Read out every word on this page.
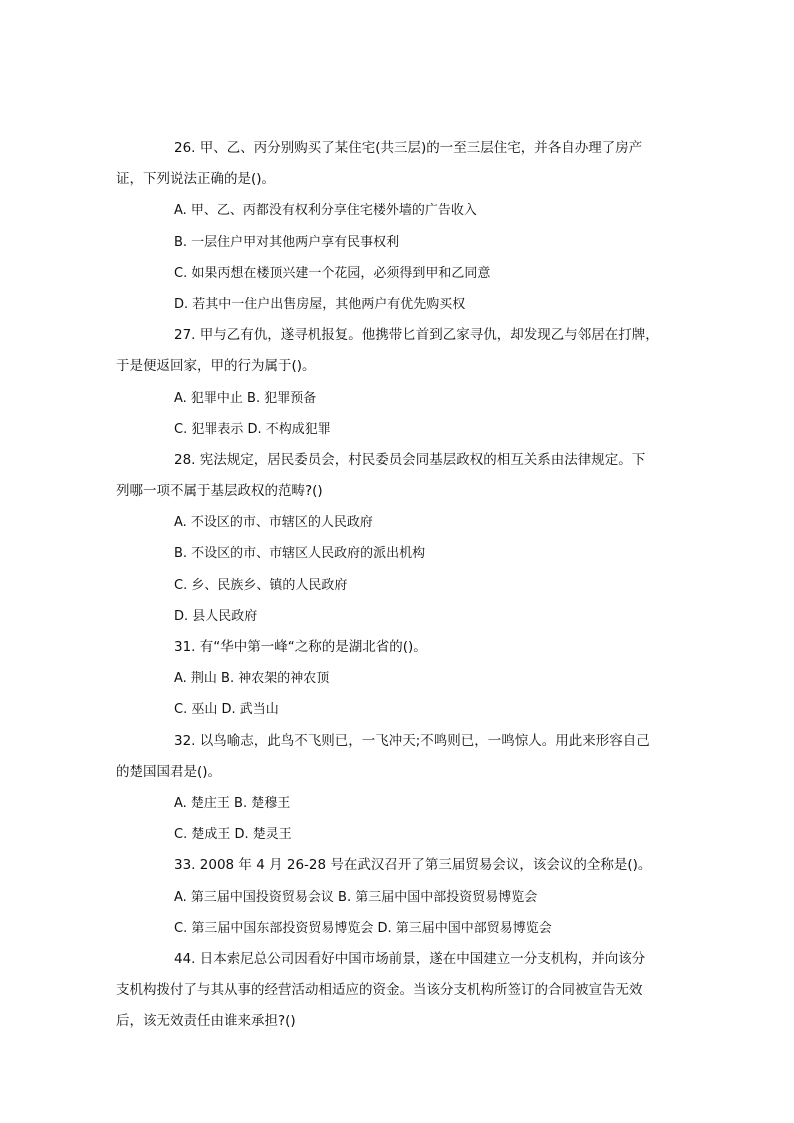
26. 甲、乙、丙分别购买了某住宅(共三层)的一至三层住宅，并各自办理了房产
证，下列说法正确的是()。
A. 甲、乙、丙都没有权利分享住宅楼外墙的广告收入
B. 一层住户甲对其他两户享有民事权利
C. 如果丙想在楼顶兴建一个花园，必须得到甲和乙同意
D. 若其中一住户出售房屋，其他两户有优先购买权
27. 甲与乙有仇，遂寻机报复。他携带匕首到乙家寻仇，却发现乙与邻居在打牌，
于是便返回家，甲的行为属于()。
A. 犯罪中止 B. 犯罪预备
C. 犯罪表示 D. 不构成犯罪
28. 宪法规定，居民委员会，村民委员会同基层政权的相互关系由法律规定。下
列哪一项不属于基层政权的范畴?()
A. 不设区的市、市辖区的人民政府
B. 不设区的市、市辖区人民政府的派出机构
C. 乡、民族乡、镇的人民政府
D. 县人民政府
31. 有“华中第一峰“之称的是湖北省的()。
A. 荆山 B. 神农架的神农顶
C. 巫山 D. 武当山
32. 以鸟喻志，此鸟不飞则已，一飞冲天;不鸣则已，一鸣惊人。用此来形容自己
的楚国国君是()。
A. 楚庄王 B. 楚穆王
C. 楚成王 D. 楚灵王
33. 2008 年 4 月 26-28 号在武汉召开了第三届贸易会议，该会议的全称是()。
A. 第三届中国投资贸易会议 B. 第三届中国中部投资贸易博览会
C. 第三届中国东部投资贸易博览会 D. 第三届中国中部贸易博览会
44. 日本索尼总公司因看好中国市场前景，遂在中国建立一分支机构，并向该分
支机构拨付了与其从事的经营活动相适应的资金。当该分支机构所签订的合同被宣告无效
后，该无效责任由谁来承担?()
